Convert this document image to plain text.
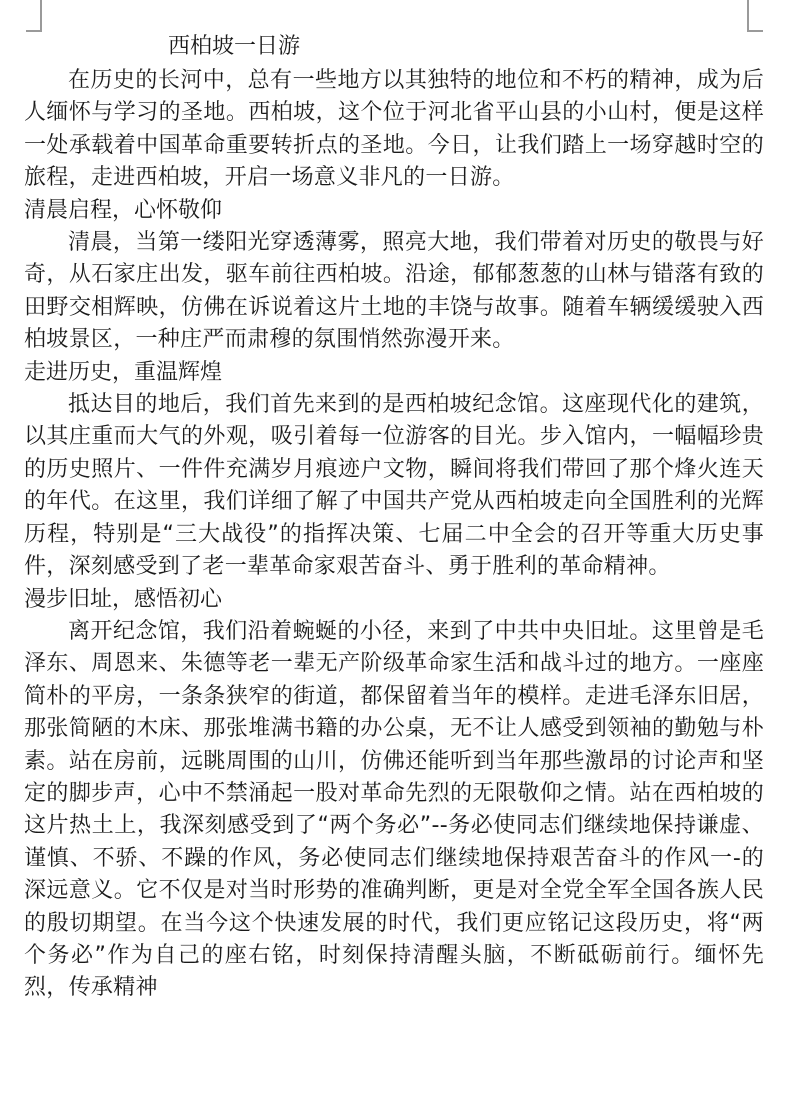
西柏坡一日游

在历史的长河中，总有一些地方以其独特的地位和不朽的精神，成为后人缅怀与学习的圣地。西柏坡，这个位于河北省平山县的小山村，便是这样一处承载着中国革命重要转折点的圣地。今日，让我们踏上一场穿越时空的旅程，走进西柏坡，开启一场意义非凡的一日游。

清晨启程，心怀敬仰

清晨，当第一缕阳光穿透薄雾，照亮大地，我们带着对历史的敬畏与好奇，从石家庄出发，驱车前往西柏坡。沿途，郁郁葱葱的山林与错落有致的田野交相辉映，仿佛在诉说着这片土地的丰饶与故事。随着车辆缓缓驶入西柏坡景区，一种庄严而肃穆的氛围悄然弥漫开来。

走进历史，重温辉煌

抵达目的地后，我们首先来到的是西柏坡纪念馆。这座现代化的建筑，以其庄重而大气的外观，吸引着每一位游客的目光。步入馆内，一幅幅珍贵的历史照片、一件件充满岁月痕迹户文物，瞬间将我们带回了那个烽火连天的年代。在这里，我们详细了解了中国共产党从西柏坡走向全国胜利的光辉历程，特别是“三大战役”的指挥决策、七届二中全会的召开等重大历史事件，深刻感受到了老一辈革命家艰苦奋斗、勇于胜利的革命精神。

漫步旧址，感悟初心

离开纪念馆，我们沿着蜿蜒的小径，来到了中共中央旧址。这里曾是毛泽东、周恩来、朱德等老一辈无产阶级革命家生活和战斗过的地方。一座座简朴的平房，一条条狭窄的街道，都保留着当年的模样。走进毛泽东旧居，那张简陋的木床、那张堆满书籍的办公桌，无不让人感受到领袖的勤勉与朴素。站在房前，远眺周围的山川，仿佛还能听到当年那些激昂的讨论声和坚定的脚步声，心中不禁涌起一股对革命先烈的无限敬仰之情。站在西柏坡的这片热土上，我深刻感受到了“两个务必”--务必使同志们继续地保持谦虚、谨慎、不骄、不躁的作风，务必使同志们继续地保持艰苦奋斗的作风一-的深远意义。它不仅是对当时形势的准确判断，更是对全党全军全国各族人民的殷切期望。在当今这个快速发展的时代，我们更应铭记这段历史，将“两个务必”作为自己的座右铭，时刻保持清醒头脑，不断砥砺前行。缅怀先烈，传承精神
